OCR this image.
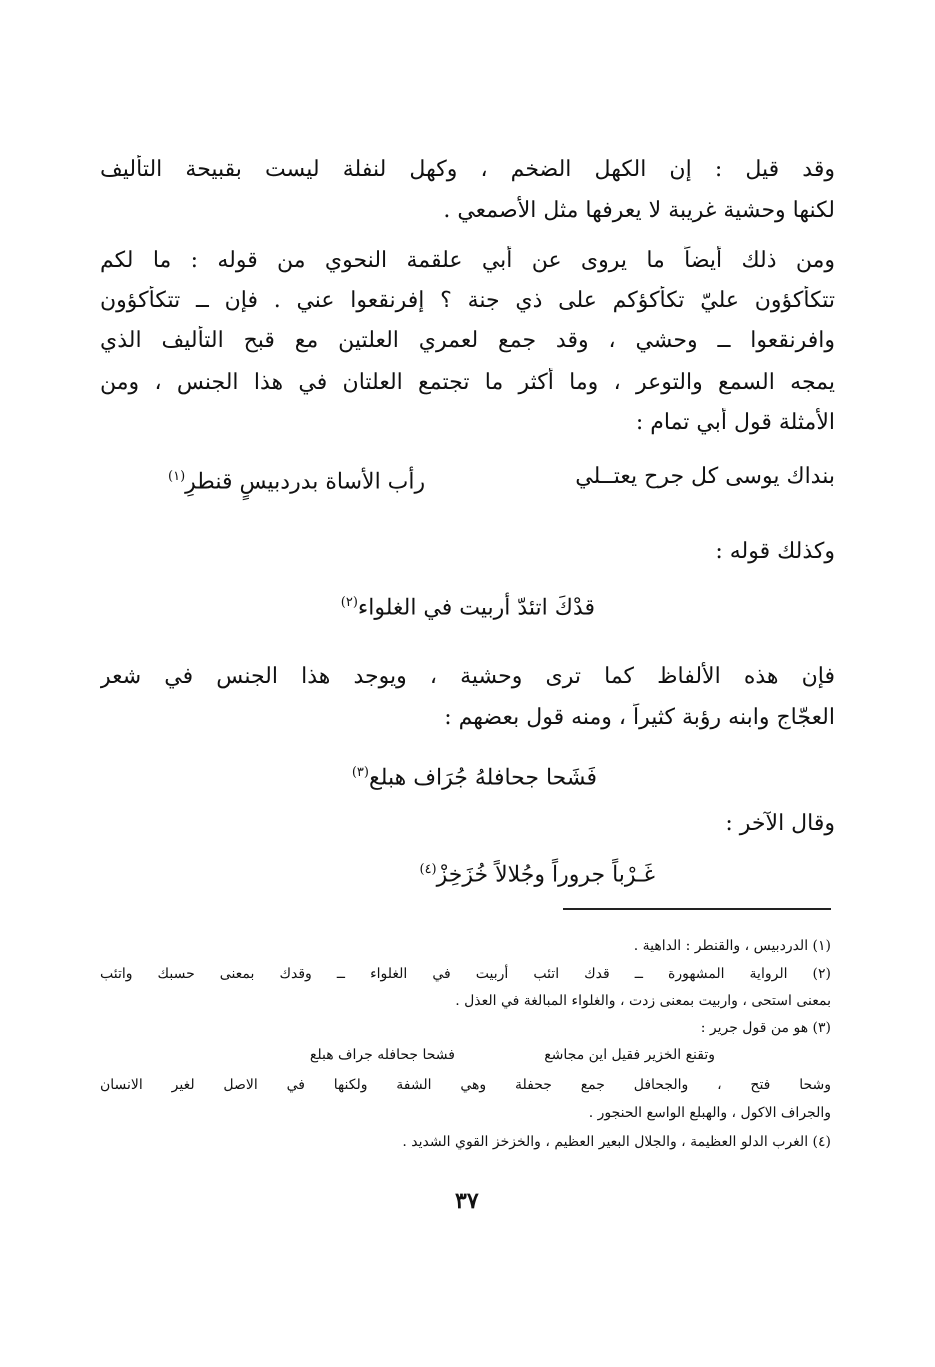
وقد قيل : إن الكهل الضخم ، وكهل لنفلة ليست بقبيحة التأليف
لكنها وحشية غريبة لا يعرفها مثل الأصمعي .
ومن ذلك أيضاً ما يروى عن أبي علقمة النحوي من قوله : ما لكم
تتكأكؤون عليّ تكأكؤكم على ذي جنة ؟ إفرنقعوا عني . فإن ــ تتكأكؤون
وافرنقعوا ــ وحشي ، وقد جمع لعمري العلتين مع قبح التأليف الذي
يمجه السمع والتوعر ، وما أكثر ما تجتمع العلتان في هذا الجنس ، ومن
الأمثلة قول أبي تمام :
بنداك يوسى كل جرح يعتــلي
رأب الأساة بدردبيسٍ قنطرِ$^{(١)}$
وكذلك قوله :
قدْكَ اتئدّ أربيت في الغلواء$^{(٢)}$
فإن هذه الألفاظ كما ترى وحشية ، ويوجد هذا الجنس في شعر
العجّاج وابنه رؤبة كثيراً ، ومنه قول بعضهم :
فَشَحا جحافلهُ جُرَاف هبلع$^{(٣)}$
وقال الآخر :
غَـرْباً جروراً وجُلالاً خُزَخِزْ$^{(٤)}$
(١) الدردبيس ، والقنطر : الداهية .
(٢) الرواية المشهورة ــ قدك اتئب أربيت في الغلواء ــ وقدك بمعنى حسبك واتئب
بمعنى استحى ، واربيت بمعنى زدت ، والغلواء المبالغة في العذل .
(٣) هو من قول جرير :
وتقنع الخزير فقيل اين مجاشع
فشحا جحافله جراف هبلع
وشحا فتح ، والجحافل جمع جحفلة وهي الشفة ولكنها في الاصل لغير الانسان
والجراف الاكول ، والهبلع الواسع الحنجور .
(٤) الغرب الدلو العظيمة ، والجلال البعير العظيم ، والخزخز القوي الشديد .
٣٧
